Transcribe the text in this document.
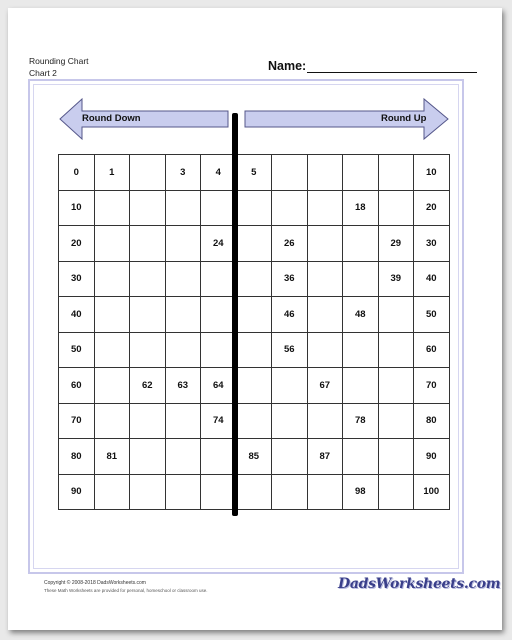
Rounding Chart
Chart 2	Name:
Round Down	Round Up
0	1		3	4	5					10
10								18		20
20				24		26			29	30
30						36			39	40
40						46		48		50
50						56				60
60		62	63	64			67			70
70				74				78		80
80	81				85		87			90
90								98		100
Copyright © 2008-2018 DadsWorksheets.com
These Math Worksheets are provided for personal, homeschool or classroom use.	DadsWorksheets.com
